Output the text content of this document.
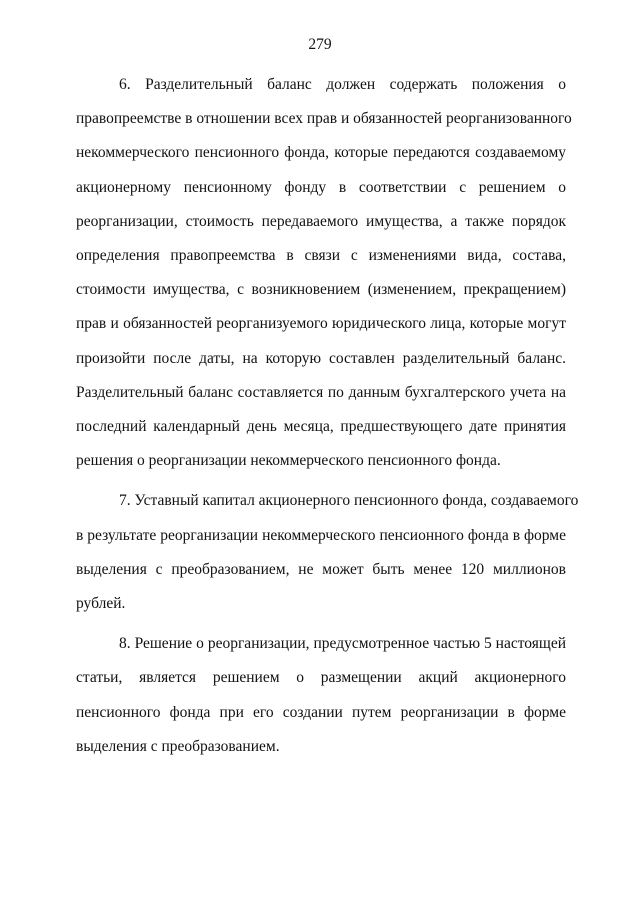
279

6. Разделительный баланс должен содержать положения о
правопреемстве в отношении всех прав и обязанностей реорганизованного
некоммерческого пенсионного фонда, которые передаются создаваемому
акционерному пенсионному фонду в соответствии с решением о
реорганизации, стоимость передаваемого имущества, а также порядок
определения правопреемства в связи с изменениями вида, состава,
стоимости имущества, с возникновением (изменением, прекращением)
прав и обязанностей реорганизуемого юридического лица, которые могут
произойти после даты, на которую составлен разделительный баланс.
Разделительный баланс составляется по данным бухгалтерского учета на
последний календарный день месяца, предшествующего дате принятия
решения о реорганизации некоммерческого пенсионного фонда.

7. Уставный капитал акционерного пенсионного фонда, создаваемого
в результате реорганизации некоммерческого пенсионного фонда в форме
выделения с преобразованием, не может быть менее 120 миллионов
рублей.

8. Решение о реорганизации, предусмотренное частью 5 настоящей
статьи, является решением о размещении акций акционерного
пенсионного фонда при его создании путем реорганизации в форме
выделения с преобразованием.
